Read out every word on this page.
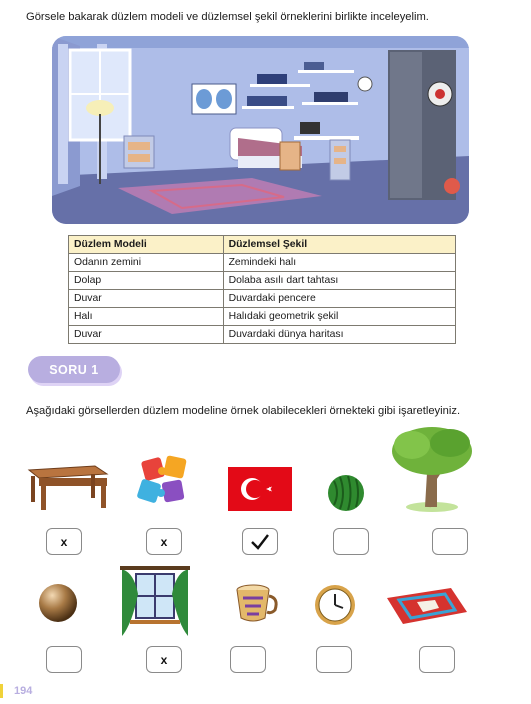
Görsele bakarak düzlem modeli ve düzlemsel şekil örneklerini birlikte inceleyelim.
Düzlem Modeli	Düzlemsel Şekil
Odanın zemini	Zemindeki halı
Dolap	Dolaba asılı dart tahtası
Duvar	Duvardaki pencere
Halı	Halıdaki geometrik şekil
Duvar	Duvardaki dünya haritası
SORU 1
Aşağıdaki görsellerden düzlem modeline örnek olabilecekleri örnekteki gibi işaretleyiniz.
x	x
x
194
